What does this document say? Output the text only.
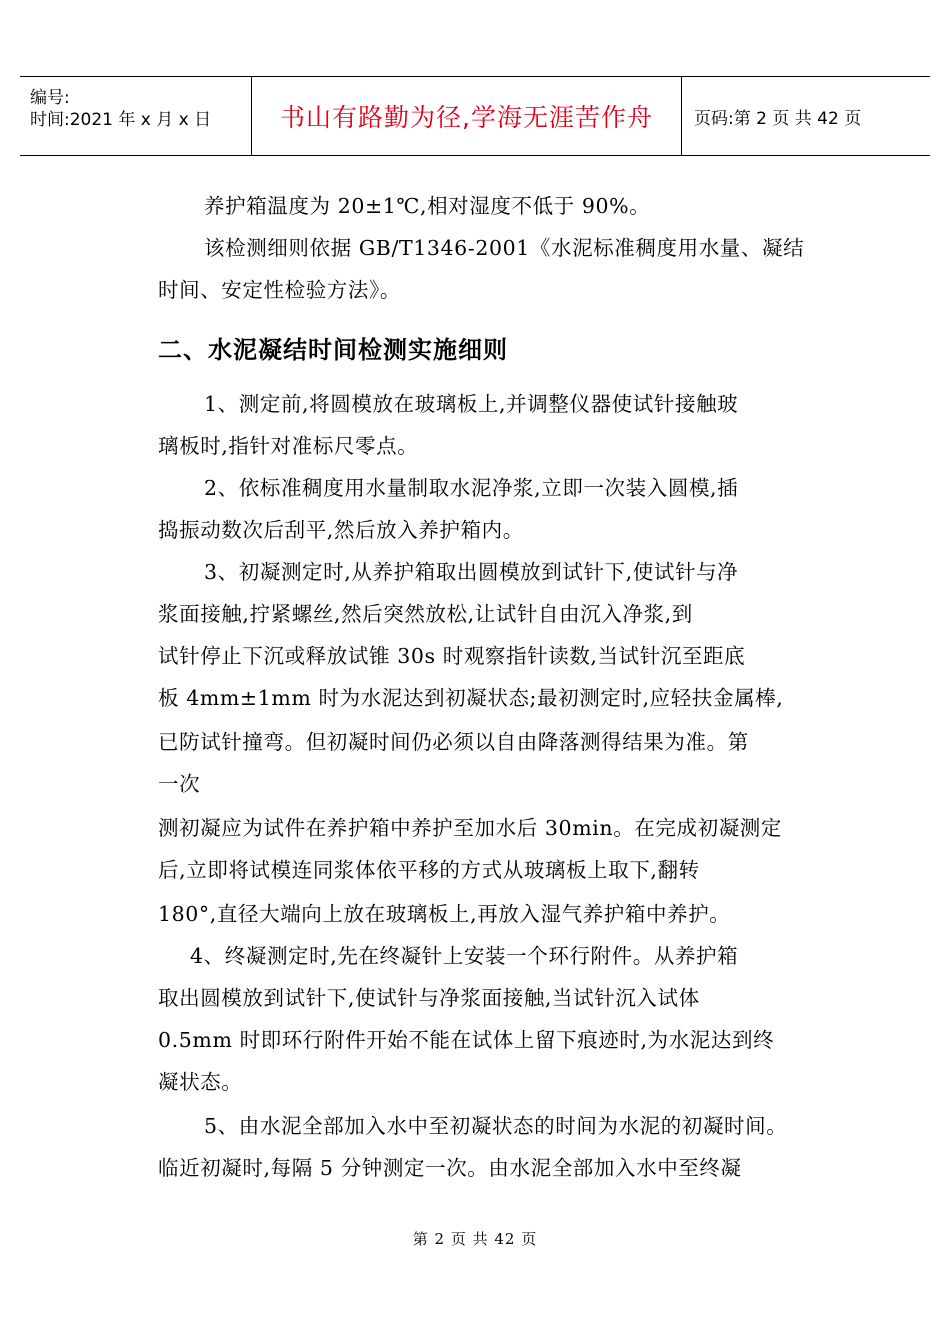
编号:
时间:2021 年 x 月 x 日	书山有路勤为径,学海无涯苦作舟 页码:第 2 页 共 42 页
养护箱温度为 20±1℃,相对湿度不低于 90%。
该检测细则依据 GB/T1346-2001《水泥标准稠度用水量、凝结
时间、安定性检验方法》。
二、水泥凝结时间检测实施细则
1、测定前,将圆模放在玻璃板上,并调整仪器使试针接触玻
璃板时,指针对准标尺零点。
2、依标准稠度用水量制取水泥净浆,立即一次装入圆模,插
捣振动数次后刮平,然后放入养护箱内。
3、初凝测定时,从养护箱取出圆模放到试针下,使试针与净
浆面接触,拧紧螺丝,然后突然放松,让试针自由沉入净浆,到
试针停止下沉或释放试锥 30s 时观察指针读数,当试针沉至距底
板 4mm±1mm 时为水泥达到初凝状态;最初测定时,应轻扶金属棒,
已防试针撞弯。但初凝时间仍必须以自由降落测得结果为准。第
一次
测初凝应为试件在养护箱中养护至加水后 30min。在完成初凝测定
后,立即将试模连同浆体依平移的方式从玻璃板上取下,翻转
180°,直径大端向上放在玻璃板上,再放入湿气养护箱中养护。
4、终凝测定时,先在终凝针上安装一个环行附件。从养护箱
取出圆模放到试针下,使试针与净浆面接触,当试针沉入试体
0.5mm 时即环行附件开始不能在试体上留下痕迹时,为水泥达到终
凝状态。
5、由水泥全部加入水中至初凝状态的时间为水泥的初凝时间。
临近初凝时,每隔 5 分钟测定一次。由水泥全部加入水中至终凝
第 2 页 共 42 页
